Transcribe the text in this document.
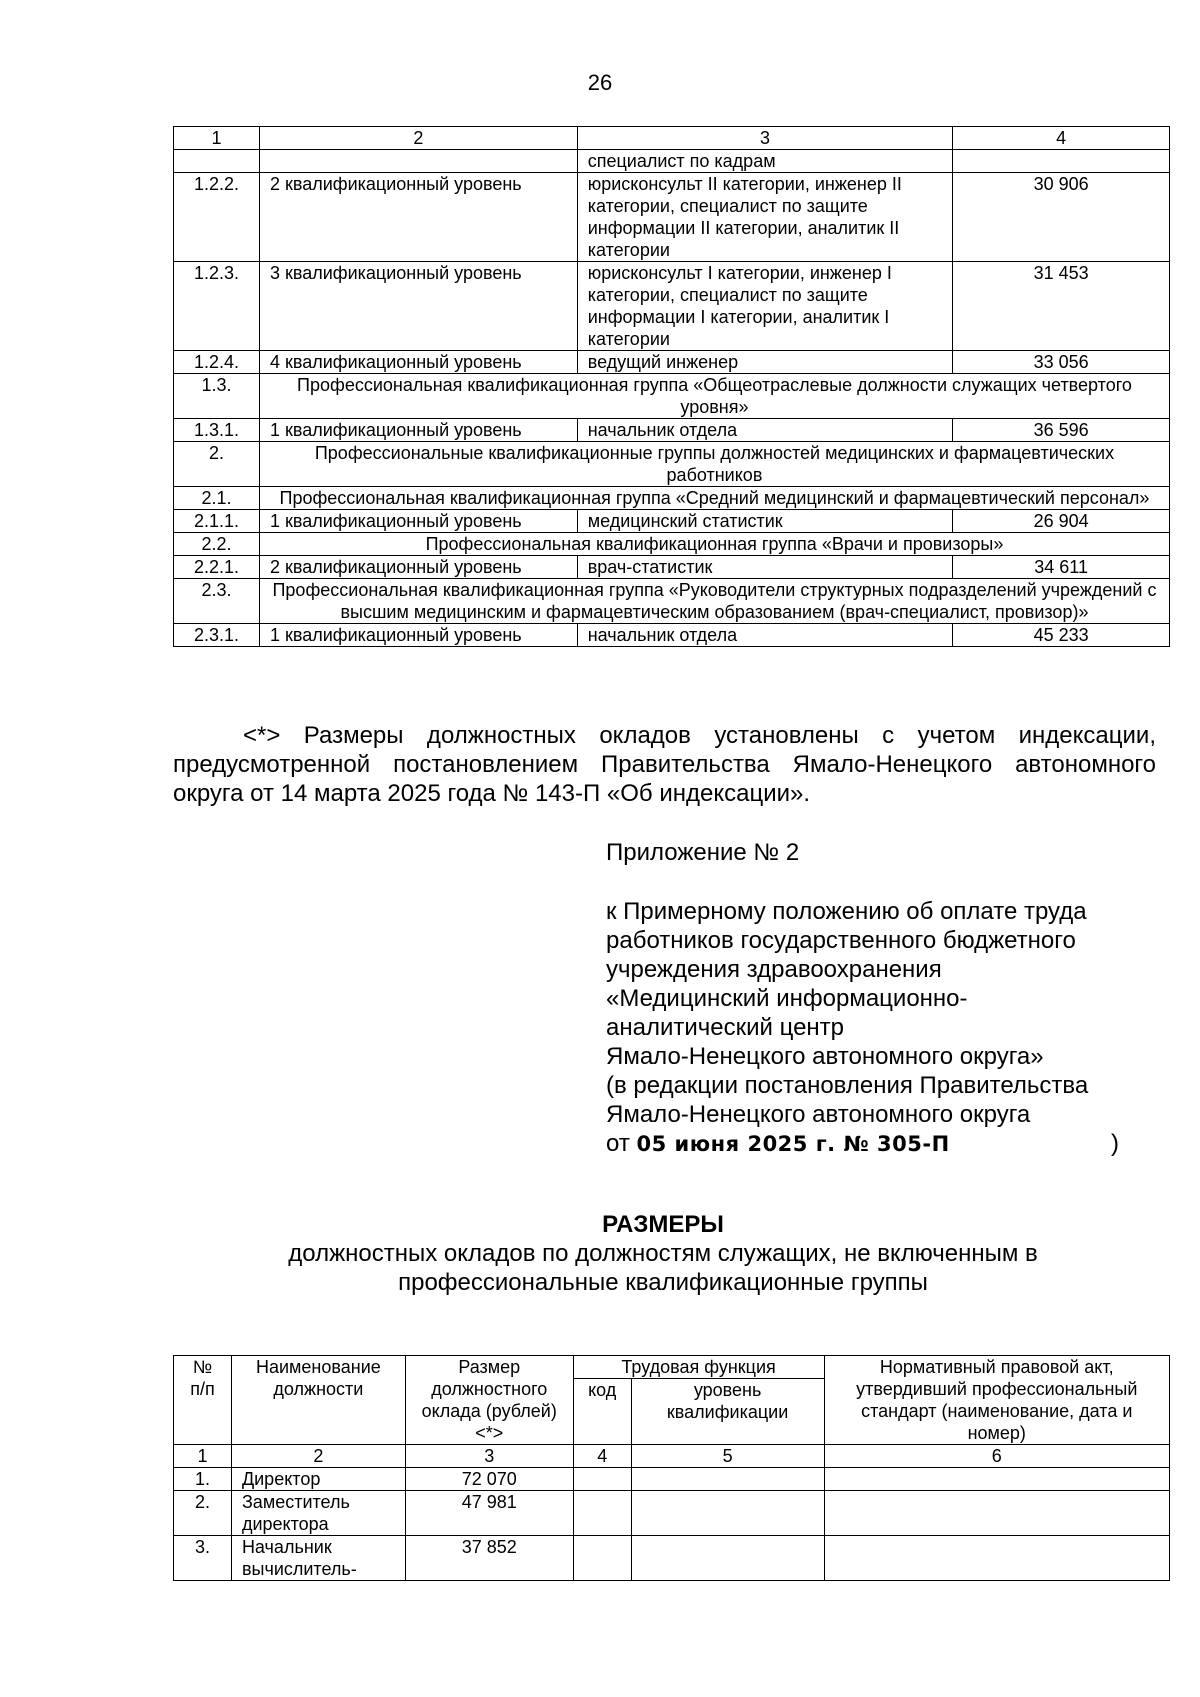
26
1	2	3	4
		специалист по кадрам	
1.2.2.	2 квалификационный уровень	юрисконсульт II категории, инженер II категории, специалист по защите информации II категории, аналитик II категории	30 906
1.2.3.	3 квалификационный уровень	юрисконсульт I категории, инженер I категории, специалист по защите информации I категории, аналитик I категории	31 453
1.2.4.	4 квалификационный уровень	ведущий инженер	33 056
1.3.	Профессиональная квалификационная группа «Общеотраслевые должности служащих четвертого уровня»		
1.3.1.	1 квалификационный уровень	начальник отдела	36 596
2.	Профессиональные квалификационные группы должностей медицинских и фармацевтических работников		
2.1.	Профессиональная квалификационная группа «Средний медицинский и фармацевтический персонал»		
2.1.1.	1 квалификационный уровень	медицинский статистик	26 904
2.2.	Профессиональная квалификационная группа «Врачи и провизоры»		
2.2.1.	2 квалификационный уровень	врач-статистик	34 611
2.3.	Профессиональная квалификационная группа «Руководители структурных подразделений учреждений с высшим медицинским и фармацевтическим образованием (врач-специалист, провизор)»		
2.3.1.	1 квалификационный уровень	начальник отдела	45 233

<*> Размеры должностных окладов установлены с учетом индексации, предусмотренной постановлением Правительства Ямало-Ненецкого автономного округа от 14 марта 2025 года № 143-П «Об индексации».

Приложение № 2
к Примерному положению об оплате труда
работников государственного бюджетного
учреждения здравоохранения
«Медицинский информационно-
аналитический центр
Ямало-Ненецкого автономного округа»
(в редакции постановления Правительства
Ямало-Ненецкого автономного округа
от 05 июня 2025 г. № 305-П	)
РАЗМЕРЫ
должностных окладов по должностям служащих, не включенным в
профессиональные квалификационные группы
№ п/п	Наименование должности	Размер должностного оклада (рублей) <*>	Трудовая функция		Нормативный правовой акт, утвердивший профессиональный стандарт (наименование, дата и номер)
			код	уровень квалификации	
1	2	3	4	5	6
1.	Директор	72 070			
2.	Заместитель директора	47 981			
3.	Начальник вычислитель-	37 852			
